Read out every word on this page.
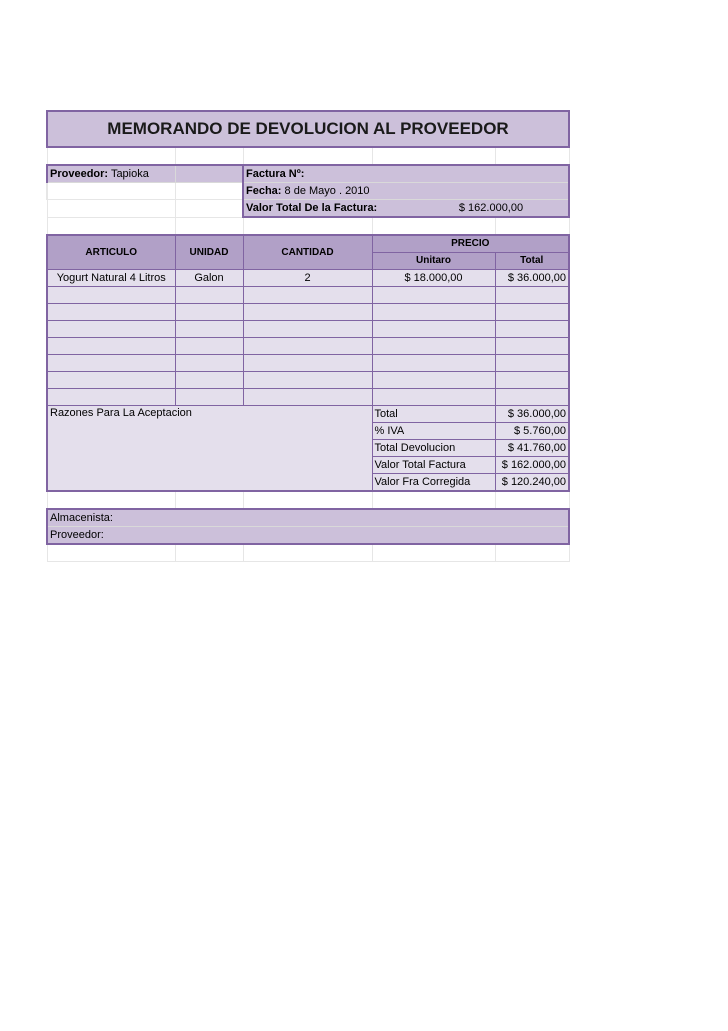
MEMORANDO DE DEVOLUCION AL PROVEEDOR				

Proveedor: Tapioka		Factura Nº:		
		Fecha: 8 de Mayo . 2010		
		Valor Total De la Factura: $ 162.000,00		

ARTICULO	UNIDAD	CANTIDAD	PRECIO	
			Unitaro	Total
Yogurt Natural 4 Litros	Galon	2	$ 18.000,00	$ 36.000,00

Razones Para La Aceptacion			Total	$ 36.000,00
			% IVA	$ 5.760,00
			Total Devolucion	$ 41.760,00
			Valor Total Factura	$ 162.000,00
			Valor Fra Corregida	$ 120.240,00

Almacenista:				
Proveedor:				
